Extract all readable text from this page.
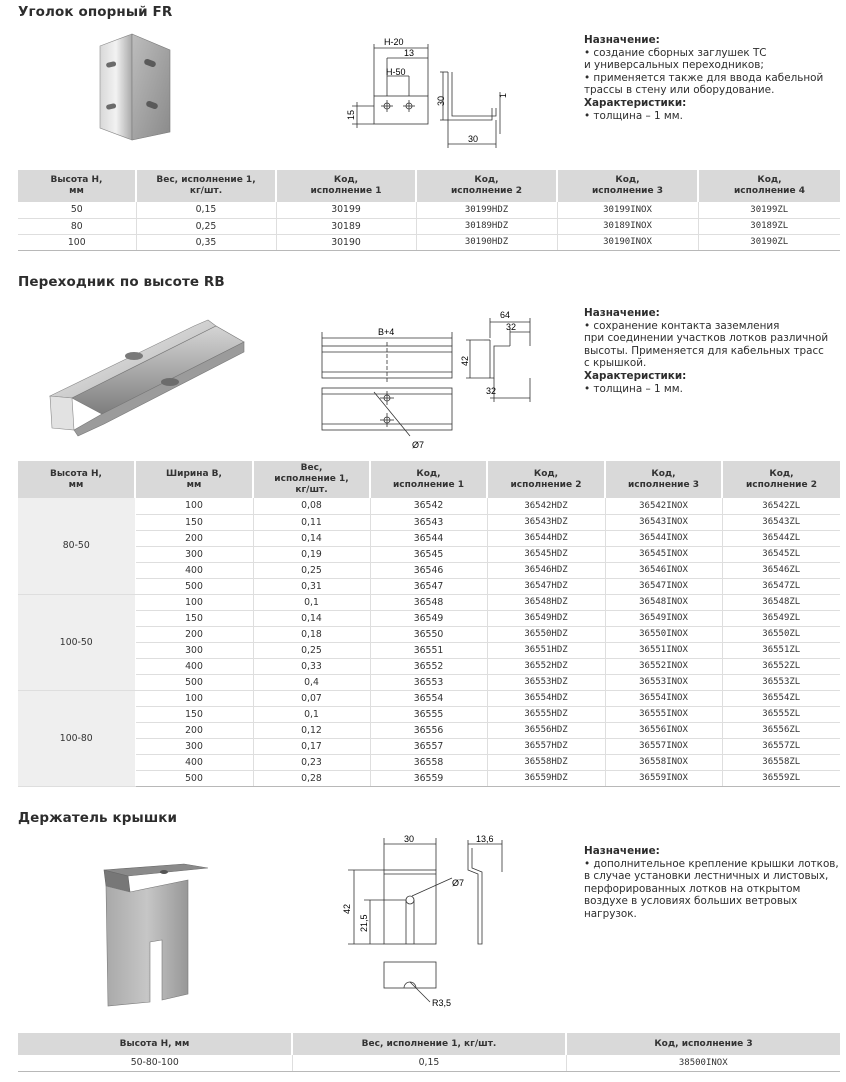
Уголок опорный FR
H-20
13
H-50
15
30
1
30
Назначение:
• создание сборных заглушек ТС
и универсальных переходников;
• применяется также для ввода кабельной
трассы в стену или оборудование.
Характеристики:
• толщина – 1 мм.
Высота Н,
мм	Вес, исполнение 1,
кг/шт.	Код,
исполнение 1	Код,
исполнение 2	Код,
исполнение 3	Код,
исполнение 4
50	0,15	30199	30199HDZ	30199INOX	30199ZL
80	0,25	30189	30189HDZ	30189INOX	30189ZL
100	0,35	30190	30190HDZ	30190INOX	30190ZL
Переходник по высоте RB
B+4
64
32
42
32
Ø7
Назначение:
• сохранение контакта заземления
при соединении участков лотков различной
высоты. Применяется для кабельных трасс
с крышкой.
Характеристики:
• толщина – 1 мм.
Высота Н,
мм	Ширина B,
мм	Вес,
исполнение 1,
кг/шт.	Код,
исполнение 1	Код,
исполнение 2	Код,
исполнение 3	Код,
исполнение 2
80-50	100	0,08	36542	36542HDZ	36542INOX	36542ZL
	150	0,11	36543	36543HDZ	36543INOX	36543ZL
	200	0,14	36544	36544HDZ	36544INOX	36544ZL
	300	0,19	36545	36545HDZ	36545INOX	36545ZL
	400	0,25	36546	36546HDZ	36546INOX	36546ZL
	500	0,31	36547	36547HDZ	36547INOX	36547ZL
100-50	100	0,1	36548	36548HDZ	36548INOX	36548ZL
	150	0,14	36549	36549HDZ	36549INOX	36549ZL
	200	0,18	36550	36550HDZ	36550INOX	36550ZL
	300	0,25	36551	36551HDZ	36551INOX	36551ZL
	400	0,33	36552	36552HDZ	36552INOX	36552ZL
	500	0,4	36553	36553HDZ	36553INOX	36553ZL
100-80	100	0,07	36554	36554HDZ	36554INOX	36554ZL
	150	0,1	36555	36555HDZ	36555INOX	36555ZL
	200	0,12	36556	36556HDZ	36556INOX	36556ZL
	300	0,17	36557	36557HDZ	36557INOX	36557ZL
	400	0,23	36558	36558HDZ	36558INOX	36558ZL
	500	0,28	36559	36559HDZ	36559INOX	36559ZL
Держатель крышки
30	13,6
Ø7
42
21,5
R3,5
Назначение:
• дополнительное крепление крышки лотков,
в случае установки лестничных и листовых,
перфорированных лотков на открытом
воздухе в условиях больших ветровых
нагрузок.
Высота Н, мм	Вес, исполнение 1, кг/шт.	Код, исполнение 3
50-80-100	0,15	38500INOX
